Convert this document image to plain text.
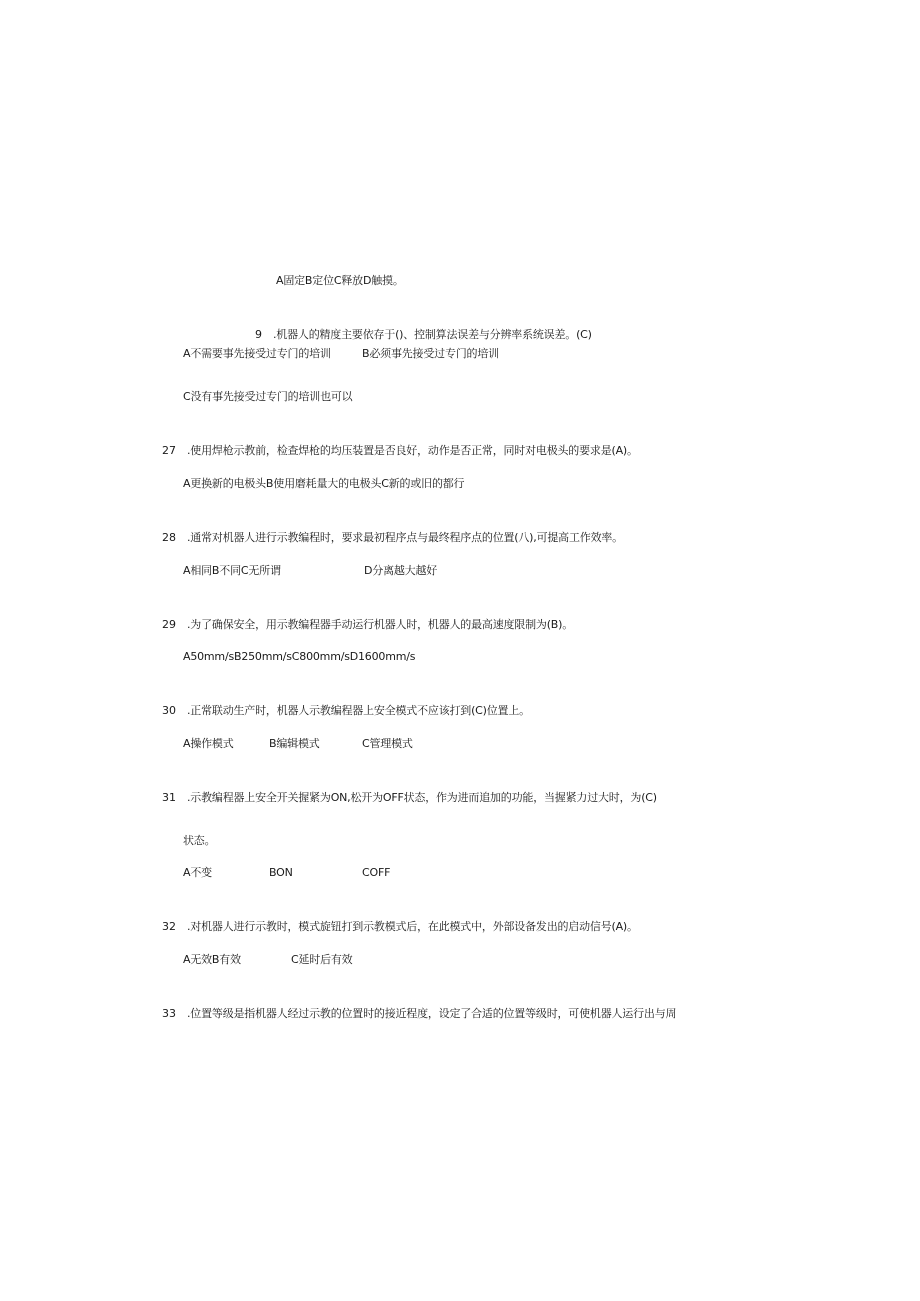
A固定B定位C释放D触摸。
9 .机器人的精度主要依存于()、控制算法误差与分辨率系统误差。(C)
A不需要事先接受过专门的培训	B必须事先接受过专门的培训
C没有事先接受过专门的培训也可以
27 .使用焊枪示教前，检查焊枪的均压装置是否良好，动作是否正常，同时对电极头的要求是(A)。
A更换新的电极头B使用磨耗量大的电极头C新的或旧的都行
28 .通常对机器人进行示教编程时，要求最初程序点与最终程序点的位置(八),可提高工作效率。
A相同B不同C无所谓	D分离越大越好
29 .为了确保安全，用示教编程器手动运行机器人时，机器人的最高速度限制为(B)。
A50mm∕sB250mm∕sC800mm∕sD1600mm∕s
30 .正常联动生产时，机器人示教编程器上安全模式不应该打到(C)位置上。
A操作模式	B编辑模式	C管理模式
31 .示教编程器上安全开关握紧为ON,松开为OFF状态，作为进而追加的功能，当握紧力过大时，为(C)
状态。
A不变	BON	COFF
32 .对机器人进行示教时，模式旋钮打到示教模式后，在此模式中，外部设备发出的启动信号(A)。
A无效B有效	C延时后有效
33 .位置等级是指机器人经过示教的位置时的接近程度，设定了合适的位置等级时，可使机器人运行出与周
